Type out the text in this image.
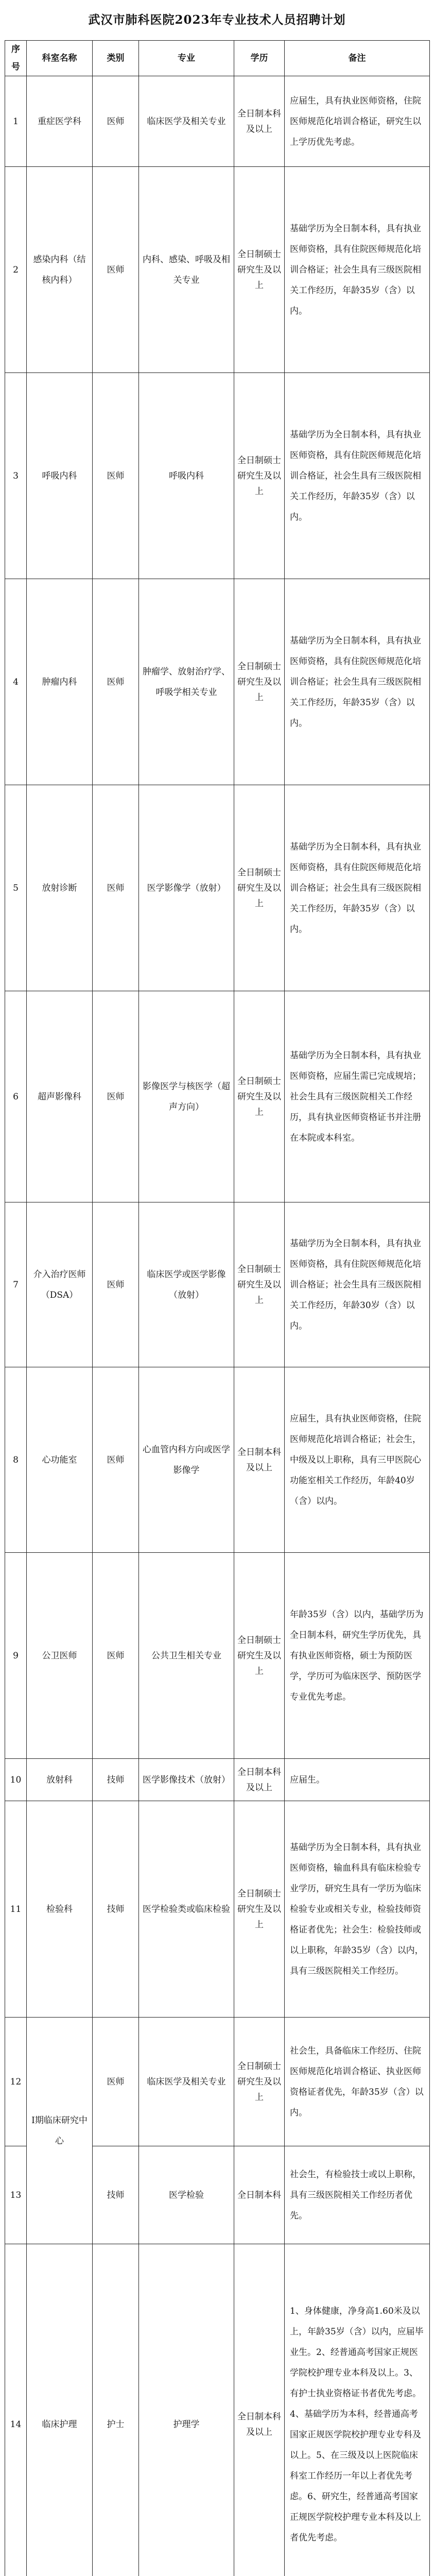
武汉市肺科医院2023年专业技术人员招聘计划
序号	科室名称	类别	专业	学历	备注
1	重症医学科	医师	临床医学及相关专业	全日制本科及以上	应届生，具有执业医师资格，住院医师规范化培训合格证，研究生以上学历优先考虑。
2	感染内科（结核内科）	医师	内科、感染、呼吸及相关专业	全日制硕士研究生及以上	基础学历为全日制本科，具有执业医师资格，具有住院医师规范化培训合格证；社会生具有三级医院相关工作经历，年龄35岁（含）以内。
3	呼吸内科	医师	呼吸内科	全日制硕士研究生及以上	基础学历为全日制本科，具有执业医师资格，具有住院医师规范化培训合格证，社会生具有三级医院相关工作经历，年龄35岁（含）以内。
4	肿瘤内科	医师	肿瘤学、放射治疗学、呼吸学相关专业	全日制硕士研究生及以上	基础学历为全日制本科，具有执业医师资格，具有住院医师规范化培训合格证；社会生具有三级医院相关工作经历，年龄35岁（含）以内。
5	放射诊断	医师	医学影像学（放射）	全日制硕士研究生及以上	基础学历为全日制本科，具有执业医师资格，具有住院医师规范化培训合格证；社会生具有三级医院相关工作经历，年龄35岁（含）以内。
6	超声影像科	医师	影像医学与核医学（超声方向）	全日制硕士研究生及以上	基础学历为全日制本科，具有执业医师资格，应届生需已完成规培；社会生具有三级医院相关工作经历，具有执业医师资格证书并注册在本院或本科室。
7	介入治疗医师（DSA）	医师	临床医学或医学影像（放射）	全日制硕士研究生及以上	基础学历为全日制本科，具有执业医师资格，具有住院医师规范化培训合格证；社会生具有三级医院相关工作经历，年龄30岁（含）以内。
8	心功能室	医师	心血管内科方向或医学影像学	全日制本科及以上	应届生，具有执业医师资格，住院医师规范化培训合格证；社会生，中级及以上职称，具有三甲医院心功能室相关工作经历，年龄40岁（含）以内。
9	公卫医师	医师	公共卫生相关专业	全日制硕士研究生及以上	年龄35岁（含）以内，基础学历为全日制本科，研究生学历优先，具有执业医师资格，硕士为预防医学，学历可为临床医学、预防医学专业优先考虑。
10	放射科	技师	医学影像技术（放射）	全日制本科及以上	应届生。
11	检验科	技师	医学检验类或临床检验	全日制硕士研究生及以上	基础学历为全日制本科，具有执业医师资格，输血科具有临床检验专业学历，研究生具有一学历为临床检验专业或相关专业，检验技师资格证者优先；社会生：检验技师或以上职称，年龄35岁（含）以内，具有三级医院相关工作经历。
12	Ⅰ期临床研究中心	医师	临床医学及相关专业	全日制硕士研究生及以上	社会生，具备临床工作经历、住院医师规范化培训合格证、执业医师资格证者优先，年龄35岁（含）以内。
13		技师	医学检验	全日制本科	社会生，有检验技士或以上职称，具有三级医院相关工作经历者优先。
14	临床护理	护士	护理学	全日制本科及以上	1、身体健康，净身高1.60米及以上，年龄35岁（含）以内，应届毕业生。2、经普通高考国家正规医学院校护理专业本科及以上。3、有护士执业资格证书者优先考虑。4、基础学历为本科，经普通高考国家正规医学院校护理专业专科及以上。5、在三级及以上医院临床科室工作经历一年以上者优先考虑。6、研究生，经普通高考国家正规医学院校护理专业本科及以上者优先考虑。
